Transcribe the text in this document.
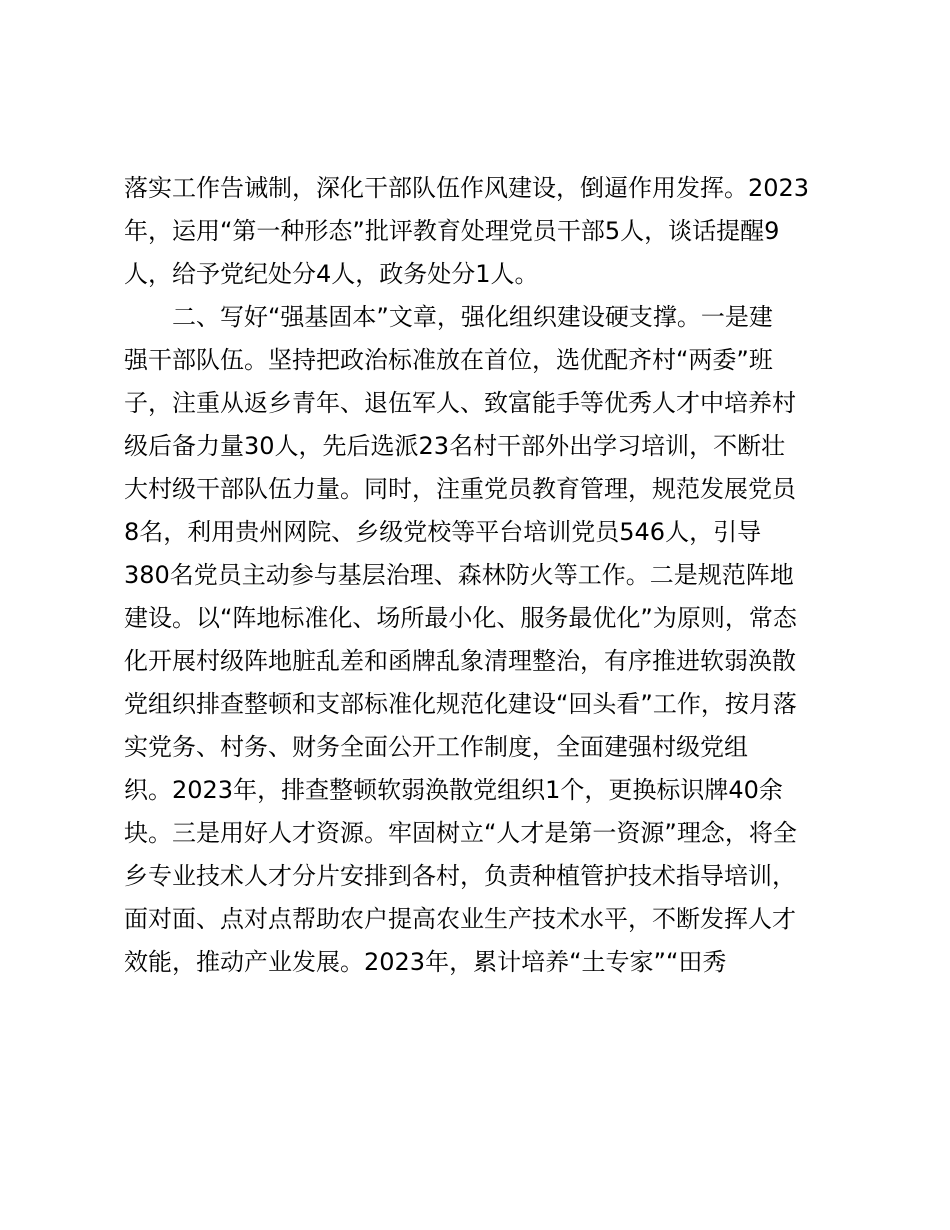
落实工作告诫制，深化干部队伍作风建设，倒逼作用发挥。2023
年，运用“第一种形态”批评教育处理党员干部5人，谈话提醒9
人，给予党纪处分4人，政务处分1人。
二、写好“强基固本”文章，强化组织建设硬支撑。一是建
强干部队伍。坚持把政治标准放在首位，选优配齐村“两委”班
子，注重从返乡青年、退伍军人、致富能手等优秀人才中培养村
级后备力量30人，先后选派23名村干部外出学习培训，不断壮
大村级干部队伍力量。同时，注重党员教育管理，规范发展党员
8名，利用贵州网院、乡级党校等平台培训党员546人，引导
380名党员主动参与基层治理、森林防火等工作。二是规范阵地
建设。以“阵地标准化、场所最小化、服务最优化”为原则，常态
化开展村级阵地脏乱差和函牌乱象清理整治，有序推进软弱涣散
党组织排查整顿和支部标准化规范化建设“回头看”工作，按月落
实党务、村务、财务全面公开工作制度，全面建强村级党组
织。2023年，排查整顿软弱涣散党组织1个，更换标识牌40余
块。三是用好人才资源。牢固树立“人才是第一资源”理念，将全
乡专业技术人才分片安排到各村，负责种植管护技术指导培训，
面对面、点对点帮助农户提高农业生产技术水平，不断发挥人才
效能，推动产业发展。2023年，累计培养“土专家”“田秀
